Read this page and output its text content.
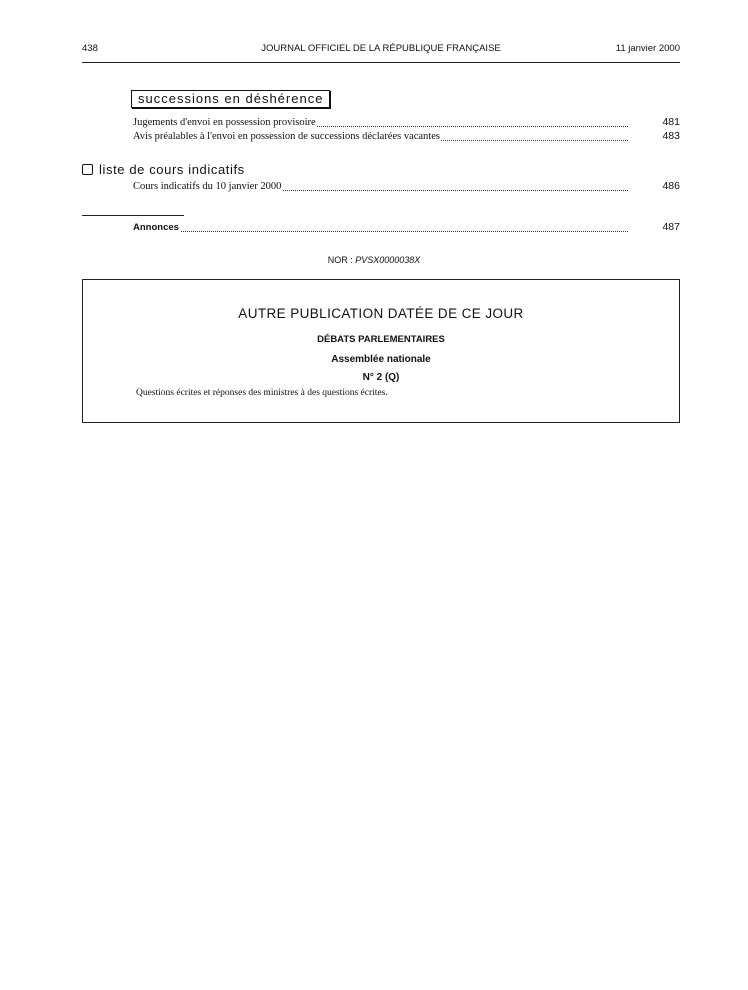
438	JOURNAL OFFICIEL DE LA RÉPUBLIQUE FRANÇAISE	11 janvier 2000
successions en déshérence
Jugements d'envoi en possession provisoire	481
Avis préalables à l'envoi en possession de successions déclarées vacantes	483
liste de cours indicatifs
Cours indicatifs du 10 janvier 2000	486
Annonces	487
NOR : PVSX0000038X
AUTRE PUBLICATION DATÉE DE CE JOUR
DÉBATS PARLEMENTAIRES
Assemblée nationale
N° 2 (Q)
Questions écrites et réponses des ministres à des questions écrites.
